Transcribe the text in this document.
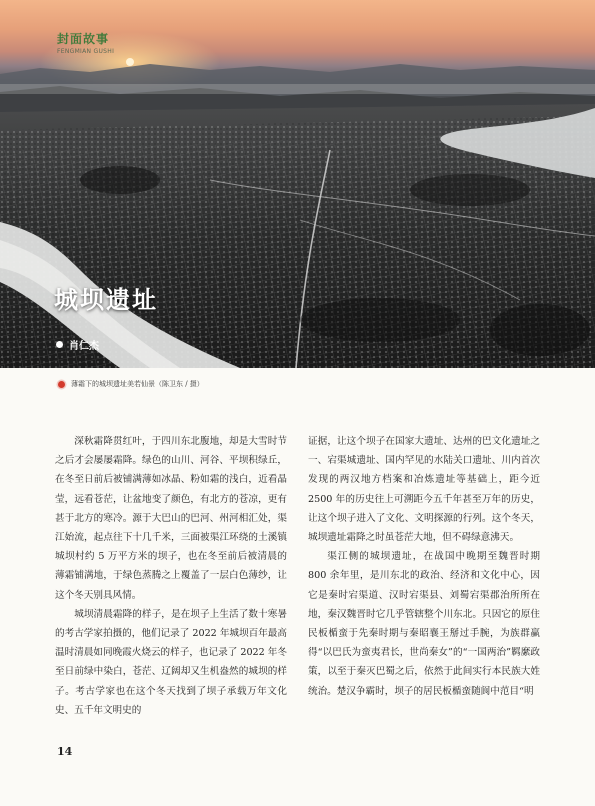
封面故事
FENGMIAN GUSHI
城坝遗址
肖仁杰
薄霜下的城坝遗址美若仙景（陈卫东 / 摄）

深秋霜降贯红叶，于四川东北腹地，却是大雪时节之后才会屡屡霜降。绿色的山川、河谷、平坝积绿丘，在冬至日前后被铺满薄如冰晶、粉如霜的浅白，近看晶莹，远看苍茫，让盆地变了颜色，有北方的苍凉，更有甚于北方的寒冷。源于大巴山的巴河、州河相汇处，渠江始流，起点往下十几千米，三面被渠江环绕的土溪镇城坝村约 5 万平方米的坝子，也在冬至前后被清晨的薄霜铺满地，于绿色蒸腾之上覆盖了一层白色薄纱，让这个冬天别具风情。

城坝清晨霜降的样子，是在坝子上生活了数十寒暑的考古学家拍摄的，他们记录了 2022 年城坝百年最高温时清晨如同晚霞火烧云的样子，也记录了 2022 年冬至日前绿中染白，苍茫、辽阔却又生机盎然的城坝的样子。考古学家也在这个冬天找到了坝子承载万年文化史、五千年文明史的

证据，让这个坝子在国家大遗址、达州的巴文化遗址之一、宕渠城遗址、国内罕见的水陆关口遗址、川内首次发现的两汉地方档案和冶炼遗址等基础上，距今近 2500 年的历史往上可溯距今五千年甚至万年的历史，让这个坝子进入了文化、文明探源的行列。这个冬天，城坝遗址霜降之时虽苍茫大地，但不碍绿意沸天。

渠江侧的城坝遗址，在战国中晚期至魏晋时期 800 余年里，是川东北的政治、经济和文化中心，因它是秦时宕渠道、汉时宕渠县、刘蜀宕渠郡治所所在地，秦汉魏晋时它几乎管辖整个川东北。只因它的原住民板楯蛮于先秦时期与秦昭襄王掰过手腕，为族群赢得“以巴氏为蛮夷君长，世尚秦女”的“一国两治”羁縻政策，以至于秦灭巴蜀之后，依然于此间实行本民族大姓统治。楚汉争霸时，坝子的居民板楯蛮随阆中范目“明

14
